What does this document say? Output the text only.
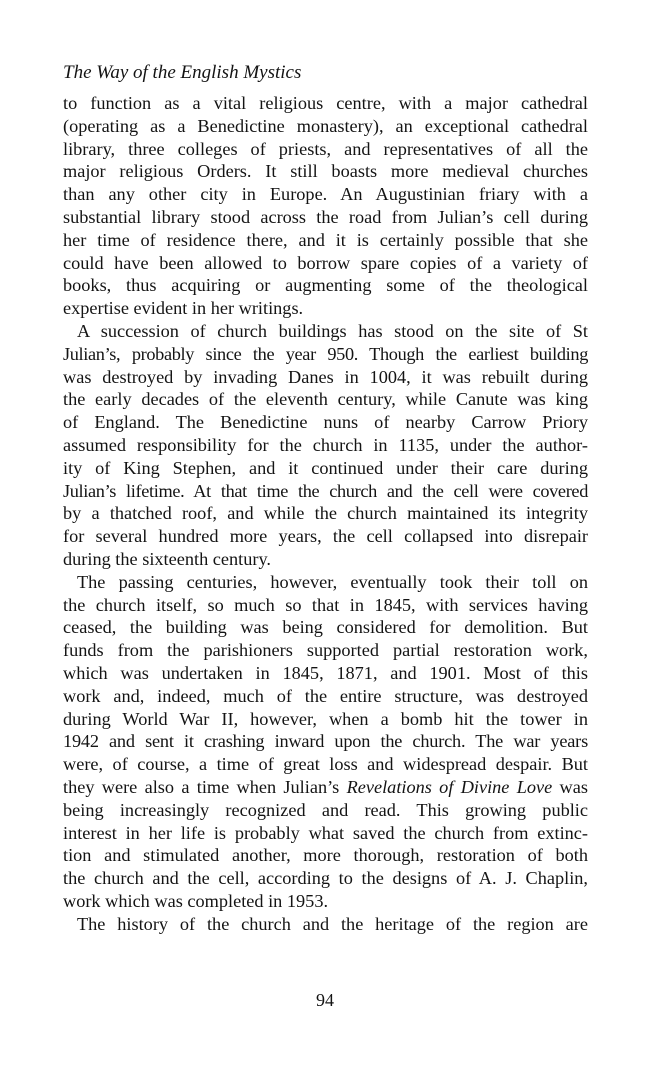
The Way of the English Mystics
to function as a vital religious centre, with a major cathedral
(operating as a Benedictine monastery), an exceptional cathedral
library, three colleges of priests, and representatives of all the
major religious Orders. It still boasts more medieval churches
than any other city in Europe. An Augustinian friary with a
substantial library stood across the road from Julian’s cell during
her time of residence there, and it is certainly possible that she
could have been allowed to borrow spare copies of a variety of
books, thus acquiring or augmenting some of the theological
expertise evident in her writings.
A succession of church buildings has stood on the site of St
Julian’s, probably since the year 950. Though the earliest building
was destroyed by invading Danes in 1004, it was rebuilt during
the early decades of the eleventh century, while Canute was king
of England. The Benedictine nuns of nearby Carrow Priory
assumed responsibility for the church in 1135, under the author-
ity of King Stephen, and it continued under their care during
Julian’s lifetime. At that time the church and the cell were covered
by a thatched roof, and while the church maintained its integrity
for several hundred more years, the cell collapsed into disrepair
during the sixteenth century.
The passing centuries, however, eventually took their toll on
the church itself, so much so that in 1845, with services having
ceased, the building was being considered for demolition. But
funds from the parishioners supported partial restoration work,
which was undertaken in 1845, 1871, and 1901. Most of this
work and, indeed, much of the entire structure, was destroyed
during World War II, however, when a bomb hit the tower in
1942 and sent it crashing inward upon the church. The war years
were, of course, a time of great loss and widespread despair. But
they were also a time when Julian’s Revelations of Divine Love was
being increasingly recognized and read. This growing public
interest in her life is probably what saved the church from extinc-
tion and stimulated another, more thorough, restoration of both
the church and the cell, according to the designs of A. J. Chaplin,
work which was completed in 1953.
The history of the church and the heritage of the region are
94
